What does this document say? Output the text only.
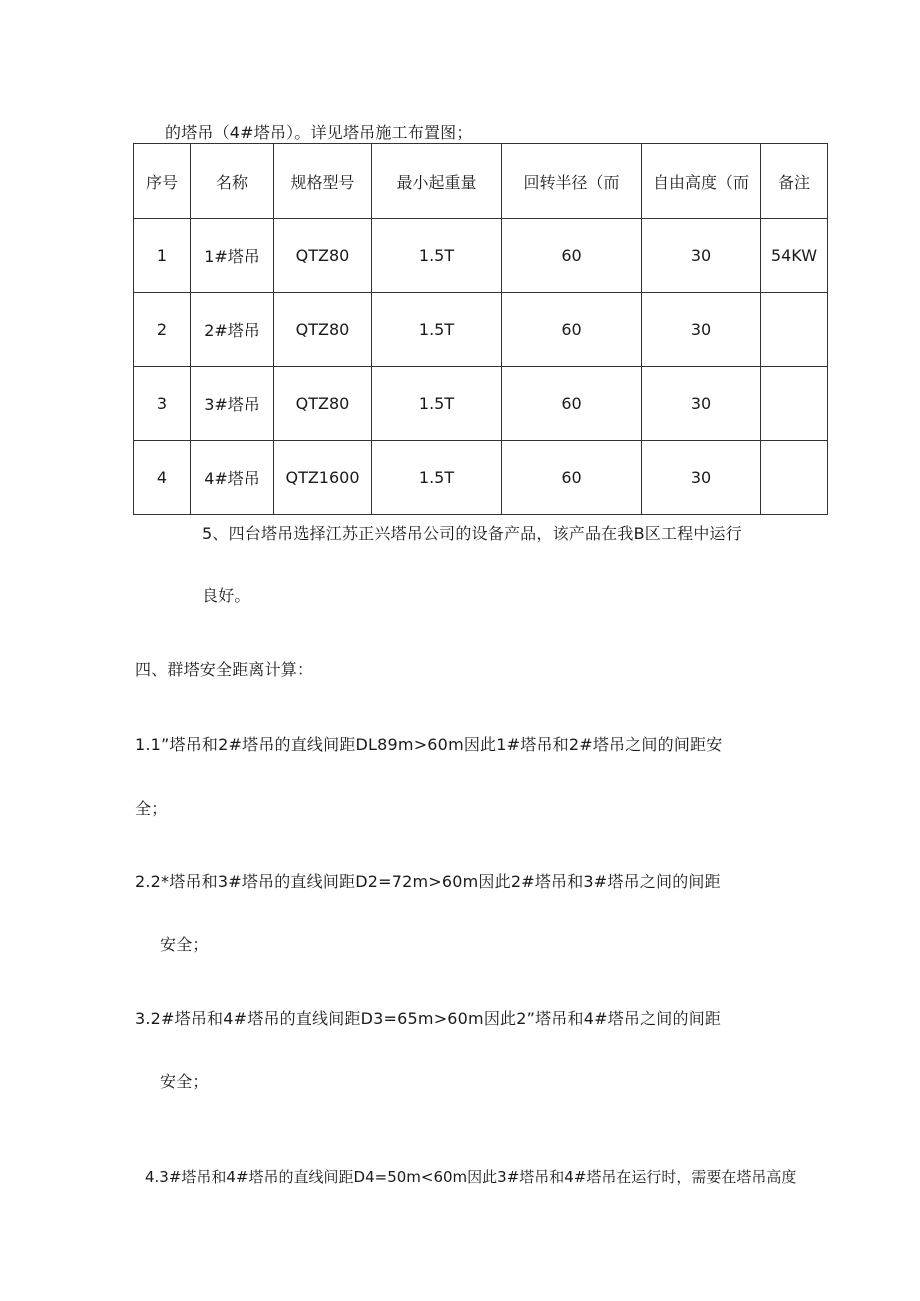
的塔吊（4#塔吊）。详见塔吊施工布置图；
序号	名称	规格型号	最小起重量	回转半径（而	自由高度（而	备注
1	1#塔吊	QTZ80	1.5T	60	30	54KW
2	2#塔吊	QTZ80	1.5T	60	30	
3	3#塔吊	QTZ80	1.5T	60	30	
4	4#塔吊	QTZ1600	1.5T	60	30	
5、四台塔吊选择江苏正兴塔吊公司的设备产品，该产品在我B区工程中运行
良好。
四、群塔安全距离计算：
1.1”塔吊和2#塔吊的直线间距DL89m>60m因此1#塔吊和2#塔吊之间的间距安
全；
2.2*塔吊和3#塔吊的直线间距D2=72m>60m因此2#塔吊和3#塔吊之间的间距
安全；
3.2#塔吊和4#塔吊的直线间距D3=65m>60m因此2”塔吊和4#塔吊之间的间距
安全；
4.3#塔吊和4#塔吊的直线间距D4=50m<60m因此3#塔吊和4#塔吊在运行时，需要在塔吊高度
